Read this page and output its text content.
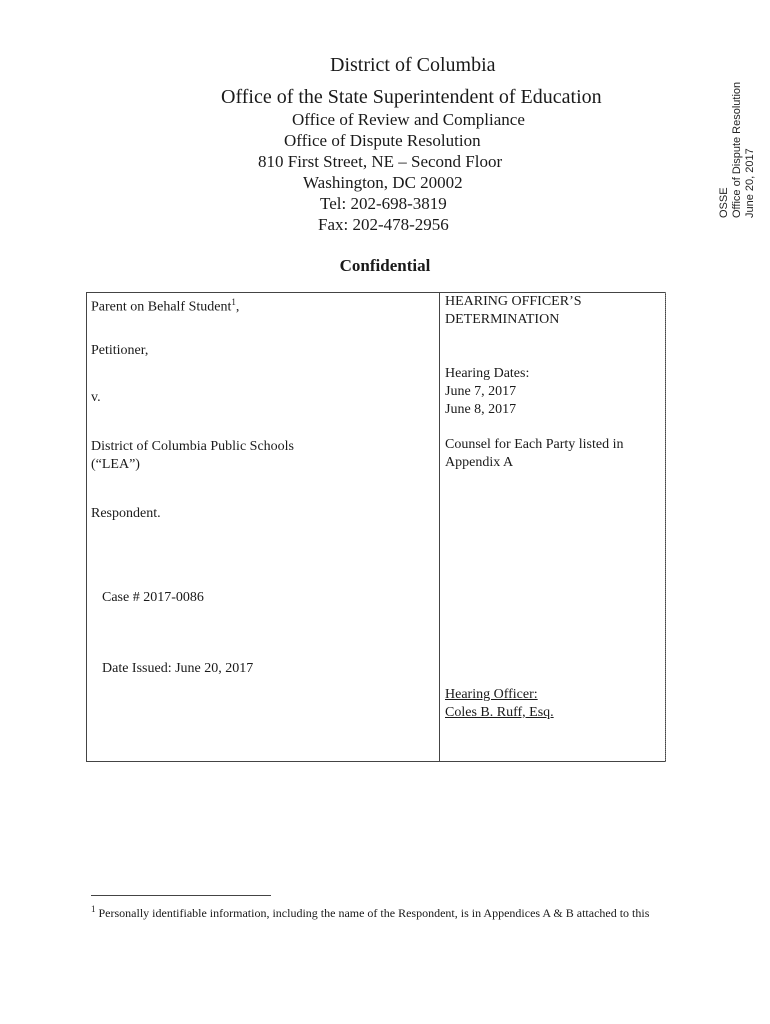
District of Columbia
Office of the State Superintendent of Education
Office of Review and Compliance
Office of Dispute Resolution
810 First Street, NE – Second Floor
Washington, DC 20002
Tel: 202-698-3819
Fax: 202-478-2956
OSSE Office of Dispute Resolution June 20, 2017
Confidential
Parent on Behalf Student$^1$,
Petitioner,
v.
District of Columbia Public Schools
(“LEA”)
Respondent.
Case # 2017-0086
Date Issued: June 20, 2017
HEARING OFFICER’S
DETERMINATION
Hearing Dates:
June 7, 2017
June 8, 2017
Counsel for Each Party listed in
Appendix A
Hearing Officer:
Coles B. Ruff, Esq.
$^1$ Personally identifiable information, including the name of the Respondent, is in Appendices A & B attached to this
